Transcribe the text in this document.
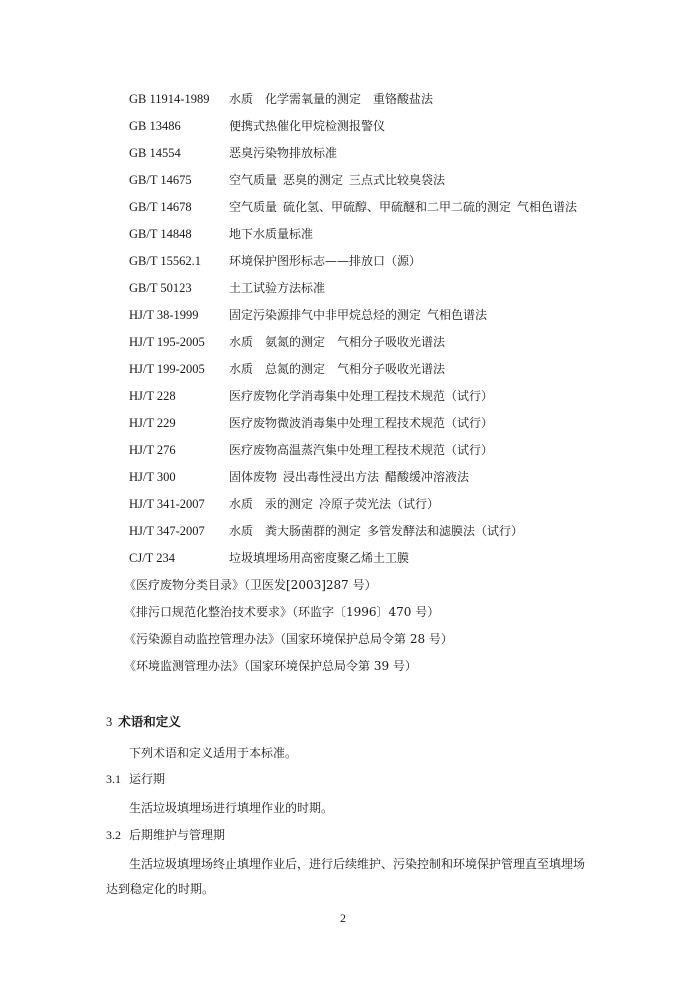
GB 11914-1989 水质　化学需氧量的测定　重铬酸盐法
GB 13486	便携式热催化甲烷检测报警仪
GB 14554	恶臭污染物排放标准
GB/T 14675	空气质量 恶臭的测定 三点式比较臭袋法
GB/T 14678	空气质量 硫化氢、甲硫醇、甲硫醚和二甲二硫的测定 气相色谱法
GB/T 14848	地下水质量标准
GB/T 15562.1 环境保护图形标志——排放口（源）
GB/T 50123	土工试验方法标准
HJ/T 38-1999	固定污染源排气中非甲烷总烃的测定 气相色谱法
HJ/T 195-2005 水质　氨氮的测定　气相分子吸收光谱法
HJ/T 199-2005 水质　总氮的测定　气相分子吸收光谱法
HJ/T 228	医疗废物化学消毒集中处理工程技术规范（试行）
HJ/T 229	医疗废物微波消毒集中处理工程技术规范（试行）
HJ/T 276	医疗废物高温蒸汽集中处理工程技术规范（试行）
HJ/T 300	固体废物 浸出毒性浸出方法 醋酸缓冲溶液法
HJ/T 341-2007 水质　汞的测定 冷原子荧光法（试行）
HJ/T 347-2007 水质　粪大肠菌群的测定 多管发酵法和滤膜法（试行）
CJ/T 234	垃圾填埋场用高密度聚乙烯土工膜
《医疗废物分类目录》（卫医发[2003]287 号）
《排污口规范化整治技术要求》（环监字〔1996〕470 号）
《污染源自动监控管理办法》（国家环境保护总局令第 28 号）
《环境监测管理办法》（国家环境保护总局令第 39 号）
3 术语和定义
下列术语和定义适用于本标准。
3.1 运行期
生活垃圾填埋场进行填埋作业的时期。
3.2 后期维护与管理期
生活垃圾填埋场终止填埋作业后，进行后续维护、污染控制和环境保护管理直至填埋场
达到稳定化的时期。
2
